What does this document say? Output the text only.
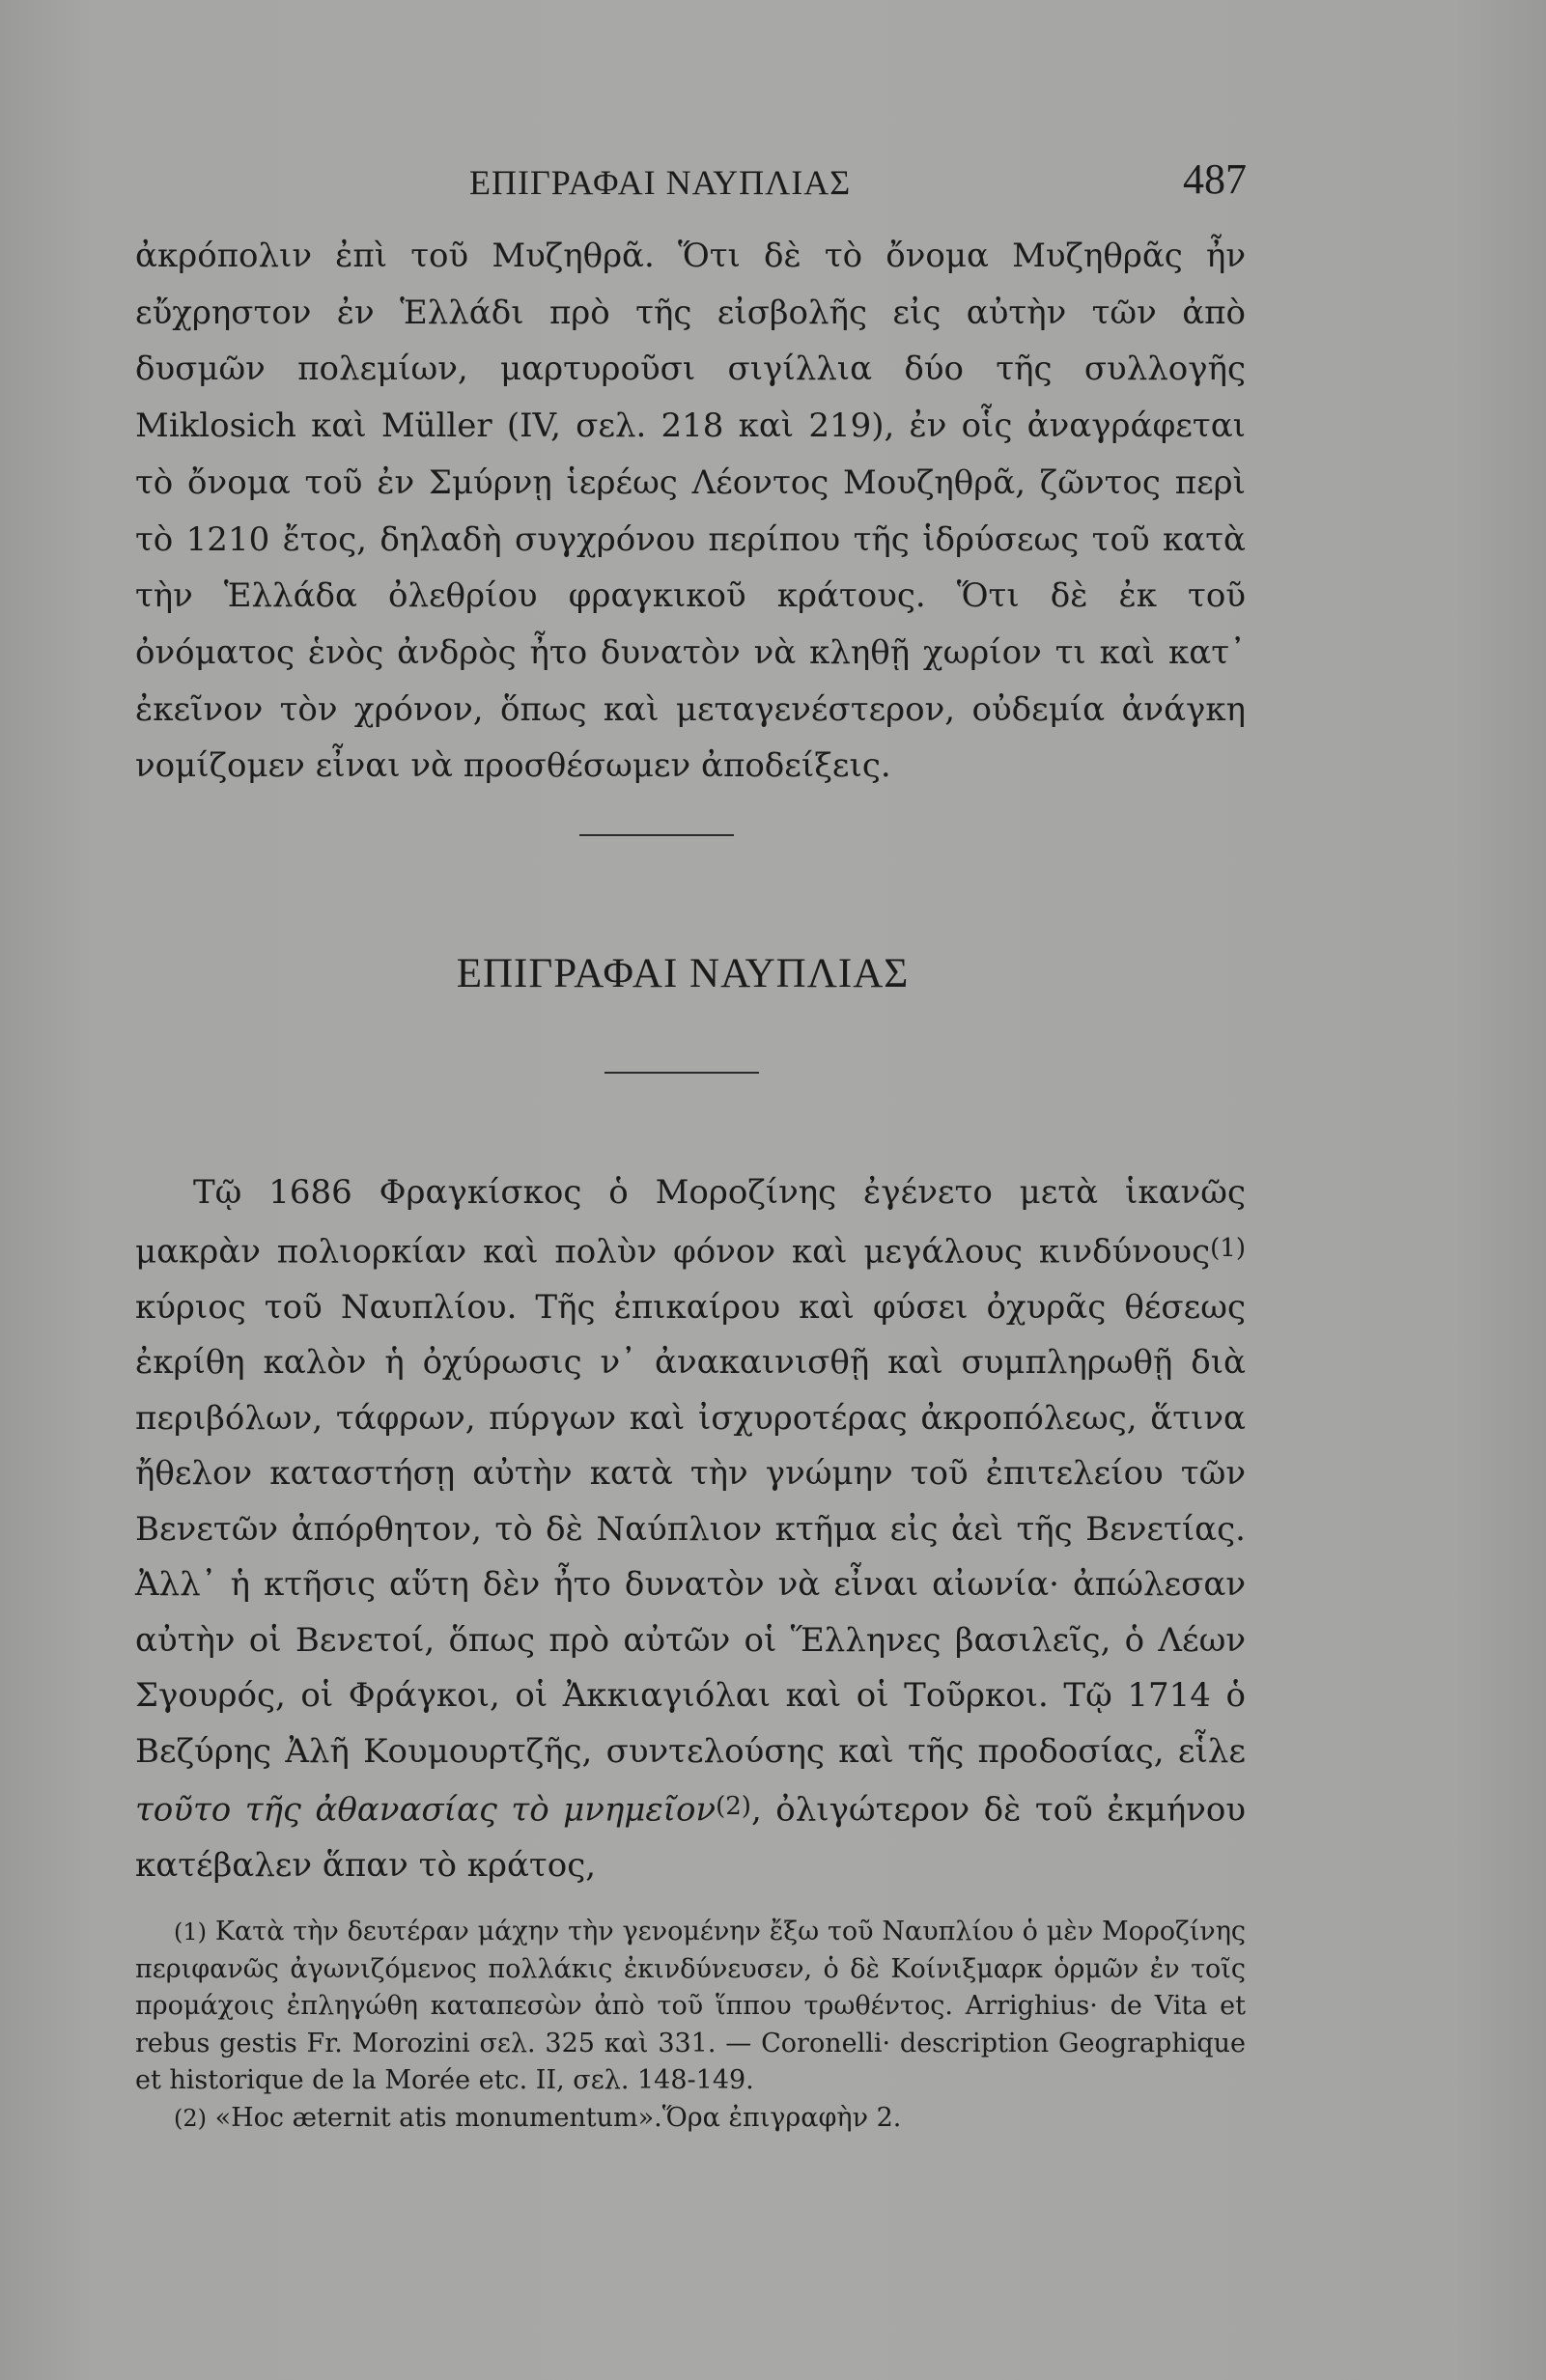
ΕΠΙΓΡΑΦΑΙ ΝΑΥΠΛΙΑΣ	487

ἀκρόπολιν ἐπὶ τοῦ Μυζηθρᾶ. Ὅτι δὲ τὸ ὄνομα Μυζηθρᾶς ἦν εὔχρηστον ἐν Ἑλλάδι πρὸ τῆς εἰσβολῆς εἰς αὐτὴν τῶν ἀπὸ δυσμῶν πολεμίων, μαρτυροῦσι σιγίλλια δύο τῆς συλλογῆς Miklosich καὶ Müller (IV, σελ. 218 καὶ 219), ἐν οἷς ἀναγράφεται τὸ ὄνομα τοῦ ἐν Σμύρνῃ ἱερέως Λέοντος Μουζηθρᾶ, ζῶντος περὶ τὸ 1210 ἔτος, δηλαδὴ συγχρόνου περίπου τῆς ἱδρύσεως τοῦ κατὰ τὴν Ἑλλάδα ὀλεθρίου φραγκικοῦ κράτους. Ὅτι δὲ ἐκ τοῦ ὀνόματος ἑνὸς ἀνδρὸς ἦτο δυνατὸν νὰ κληθῇ χωρίον τι καὶ κατ᾽ ἐκεῖνον τὸν χρόνον, ὅπως καὶ μεταγενέστερον, οὐδεμία ἀνάγκη νομίζομεν εἶναι νὰ προσθέσωμεν ἀποδείξεις.

ΕΠΙΓΡΑΦΑΙ ΝΑΥΠΛΙΑΣ

Τῷ 1686 Φραγκίσκος ὁ Μοροζίνης ἐγένετο μετὰ ἱκανῶς μακρὰν πολιορκίαν καὶ πολὺν φόνον καὶ μεγάλους κινδύνους(1) κύριος τοῦ Ναυπλίου. Τῆς ἐπικαίρου καὶ φύσει ὀχυρᾶς θέσεως ἐκρίθη καλὸν ἡ ὀχύρωσις ν᾽ ἀνακαινισθῇ καὶ συμπληρωθῇ διὰ περιβόλων, τάφρων, πύργων καὶ ἰσχυροτέρας ἀκροπόλεως, ἅτινα ἤθελον καταστήσῃ αὐτὴν κατὰ τὴν γνώμην τοῦ ἐπιτελείου τῶν Βενετῶν ἀπόρθητον, τὸ δὲ Ναύπλιον κτῆμα εἰς ἀεὶ τῆς Βενετίας. Ἀλλ᾽ ἡ κτῆσις αὕτη δὲν ἦτο δυνατὸν νὰ εἶναι αἰωνία· ἀπώλεσαν αὐτὴν οἱ Βενετοί, ὅπως πρὸ αὐτῶν οἱ Ἕλληνες βασιλεῖς, ὁ Λέων Σγουρός, οἱ Φράγκοι, οἱ Ἀκκιαγιόλαι καὶ οἱ Τοῦρκοι. Τῷ 1714 ὁ Βεζύρης Ἀλῆ Κουμουρτζῆς, συντελούσης καὶ τῆς προδοσίας, εἷλε τοῦτο τῆς ἀθανασίας τὸ μνημεῖον(2), ὀλιγώτερον δὲ τοῦ ἐκμήνου κατέβαλεν ἅπαν τὸ κράτος,

(1) Κατὰ τὴν δευτέραν μάχην τὴν γενομένην ἔξω τοῦ Ναυπλίου ὁ μὲν Μοροζίνης περιφανῶς ἀγωνιζόμενος πολλάκις ἐκινδύνευσεν, ὁ δὲ Κοίνιξμαρκ ὁρμῶν ἐν τοῖς προμάχοις ἐπληγώθη καταπεσὼν ἀπὸ τοῦ ἵππου τρωθέντος. Arrighius· de Vita et rebus gestis Fr. Morozini σελ. 325 καὶ 331. — Coronelli· description Geographique et historique de la Morée etc. II, σελ. 148-149.

(2) «Hoc æternit atis monumentum».Ὅρα ἐπιγραφὴν 2.
